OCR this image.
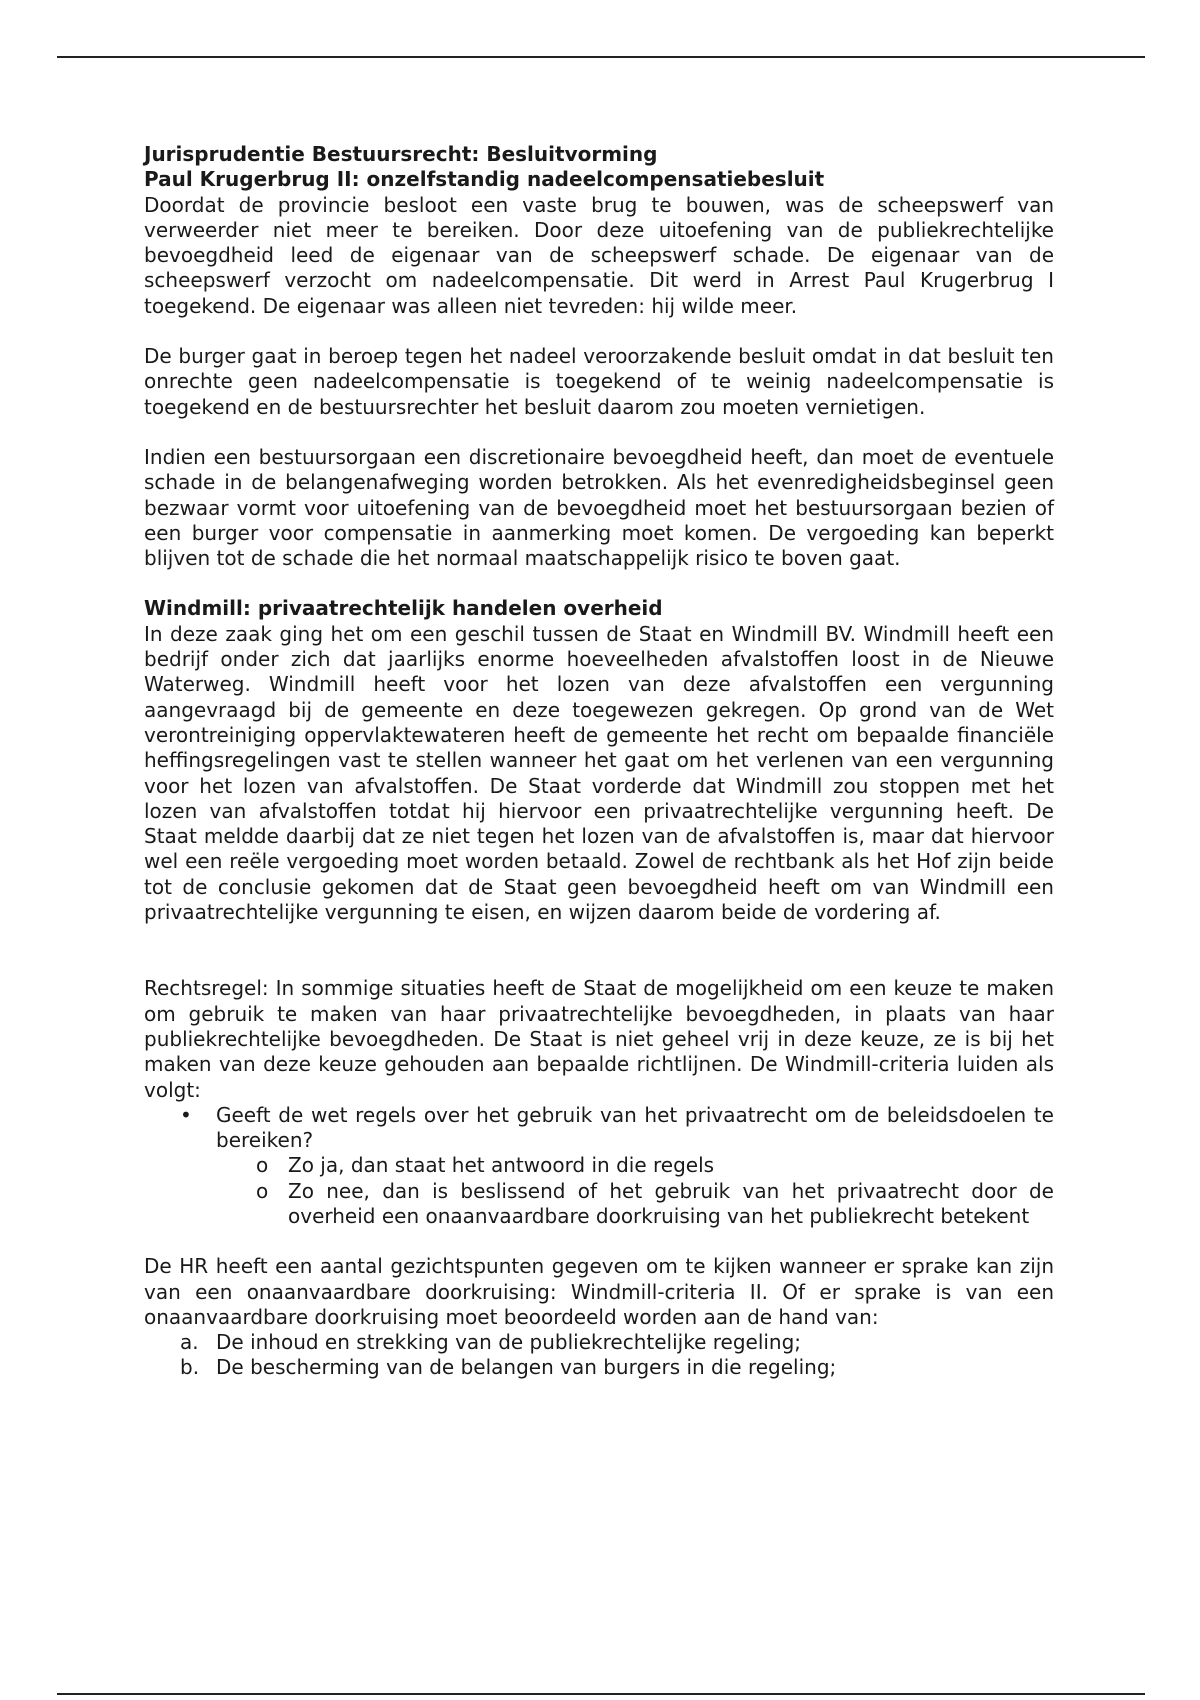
Jurisprudentie Bestuursrecht: Besluitvorming

Paul Krugerbrug II: onzelfstandig nadeelcompensatiebesluit

Doordat de provincie besloot een vaste brug te bouwen, was de scheepswerf van verweerder niet meer te bereiken. Door deze uitoefening van de publiekrechtelijke bevoegdheid leed de eigenaar van de scheepswerf schade. De eigenaar van de scheepswerf verzocht om nadeelcompensatie. Dit werd in Arrest Paul Krugerbrug I toegekend. De eigenaar was alleen niet tevreden: hij wilde meer.

De burger gaat in beroep tegen het nadeel veroorzakende besluit omdat in dat besluit ten onrechte geen nadeelcompensatie is toegekend of te weinig nadeelcompensatie is toegekend en de bestuursrechter het besluit daarom zou moeten vernietigen.

Indien een bestuursorgaan een discretionaire bevoegdheid heeft, dan moet de eventuele schade in de belangenafweging worden betrokken. Als het evenredigheidsbeginsel geen bezwaar vormt voor uitoefening van de bevoegdheid moet het bestuursorgaan bezien of een burger voor compensatie in aanmerking moet komen. De vergoeding kan beperkt blijven tot de schade die het normaal maatschappelijk risico te boven gaat.

Windmill: privaatrechtelijk handelen overheid

In deze zaak ging het om een geschil tussen de Staat en Windmill BV. Windmill heeft een bedrijf onder zich dat jaarlijks enorme hoeveelheden afvalstoffen loost in de Nieuwe Waterweg. Windmill heeft voor het lozen van deze afvalstoffen een vergunning aangevraagd bij de gemeente en deze toegewezen gekregen. Op grond van de Wet verontreiniging oppervlaktewateren heeft de gemeente het recht om bepaalde financiële heffingsregelingen vast te stellen wanneer het gaat om het verlenen van een vergunning voor het lozen van afvalstoffen. De Staat vorderde dat Windmill zou stoppen met het lozen van afvalstoffen totdat hij hiervoor een privaatrechtelijke vergunning heeft. De Staat meldde daarbij dat ze niet tegen het lozen van de afvalstoffen is, maar dat hiervoor wel een reële vergoeding moet worden betaald. Zowel de rechtbank als het Hof zijn beide tot de conclusie gekomen dat de Staat geen bevoegdheid heeft om van Windmill een privaatrechtelijke vergunning te eisen, en wijzen daarom beide de vordering af.

Rechtsregel: In sommige situaties heeft de Staat de mogelijkheid om een keuze te maken om gebruik te maken van haar privaatrechtelijke bevoegdheden, in plaats van haar publiekrechtelijke bevoegdheden. De Staat is niet geheel vrij in deze keuze, ze is bij het maken van deze keuze gehouden aan bepaalde richtlijnen. De Windmill-criteria luiden als volgt:

• Geeft de wet regels over het gebruik van het privaatrecht om de beleidsdoelen te bereiken?
o Zo ja, dan staat het antwoord in die regels
o Zo nee, dan is beslissend of het gebruik van het privaatrecht door de overheid een onaanvaardbare doorkruising van het publiekrecht betekent

De HR heeft een aantal gezichtspunten gegeven om te kijken wanneer er sprake kan zijn van een onaanvaardbare doorkruising: Windmill-criteria II. Of er sprake is van een onaanvaardbare doorkruising moet beoordeeld worden aan de hand van:

a. De inhoud en strekking van de publiekrechtelijke regeling;
b. De bescherming van de belangen van burgers in die regeling;
